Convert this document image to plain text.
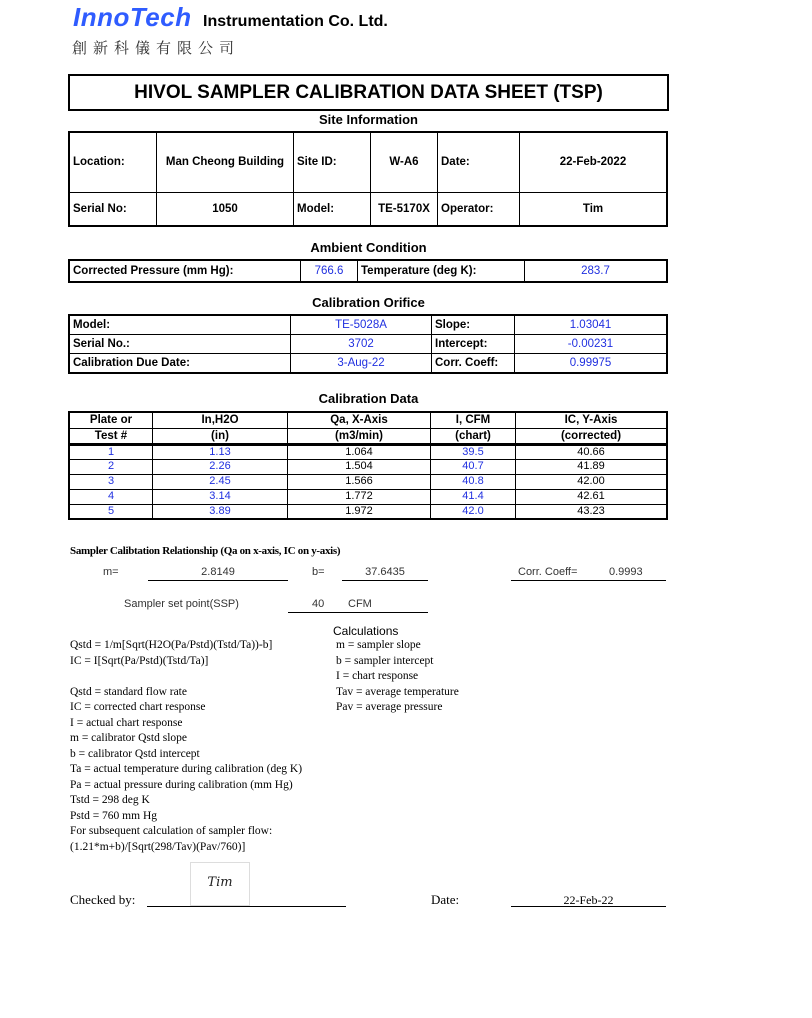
InnoTech Instrumentation Co. Ltd.
創新科儀有限公司
HIVOL SAMPLER CALIBRATION DATA SHEET (TSP)
Site Information
Location:	Man Cheong Building	Site ID:	W-A6	Date:	22-Feb-2022
Serial No:	1050	Model:	TE-5170X	Operator:	Tim
Ambient Condition
Corrected Pressure (mm Hg):	766.6	Temperature (deg K):	283.7
Calibration Orifice
Model:	TE-5028A	Slope:	1.03041
Serial No.:	3702	Intercept:	-0.00231
Calibration Due Date:	3-Aug-22	Corr. Coeff:	0.99975
Calibration Data
Plate or	In,H2O	Qa, X-Axis	I, CFM	IC, Y-Axis
Test #	(in)	(m3/min)	(chart)	(corrected)
1	1.13	1.064	39.5	40.66
2	2.26	1.504	40.7	41.89
3	2.45	1.566	40.8	42.00
4	3.14	1.772	41.4	42.61
5	3.89	1.972	42.0	43.23
Sampler Calibtation Relationship (Qa on x-axis, IC on y-axis)
m=	2.8149	b=	37.6435	Corr. Coeff=	0.9993
Sampler set point(SSP)	40 CFM
Calculations
Qstd = 1/m[Sqrt(H2O(Pa/Pstd)(Tstd/Ta))-b]
IC = I[Sqrt(Pa/Pstd)(Tstd/Ta)]
Qstd = standard flow rate
IC = corrected chart response
I = actual chart response
m = calibrator Qstd slope
b = calibrator Qstd intercept
Ta = actual temperature during calibration (deg K)
Pa = actual pressure during calibration (mm Hg)
Tstd = 298 deg K
Pstd = 760 mm Hg
For subsequent calculation of sampler flow:
(1.21*m+b)/[Sqrt(298/Tav)(Pav/760)]
m = sampler slope
b = sampler intercept
I = chart response
Tav = average temperature
Pav = average pressure
Checked by:
Tim
Date:	22-Feb-22
